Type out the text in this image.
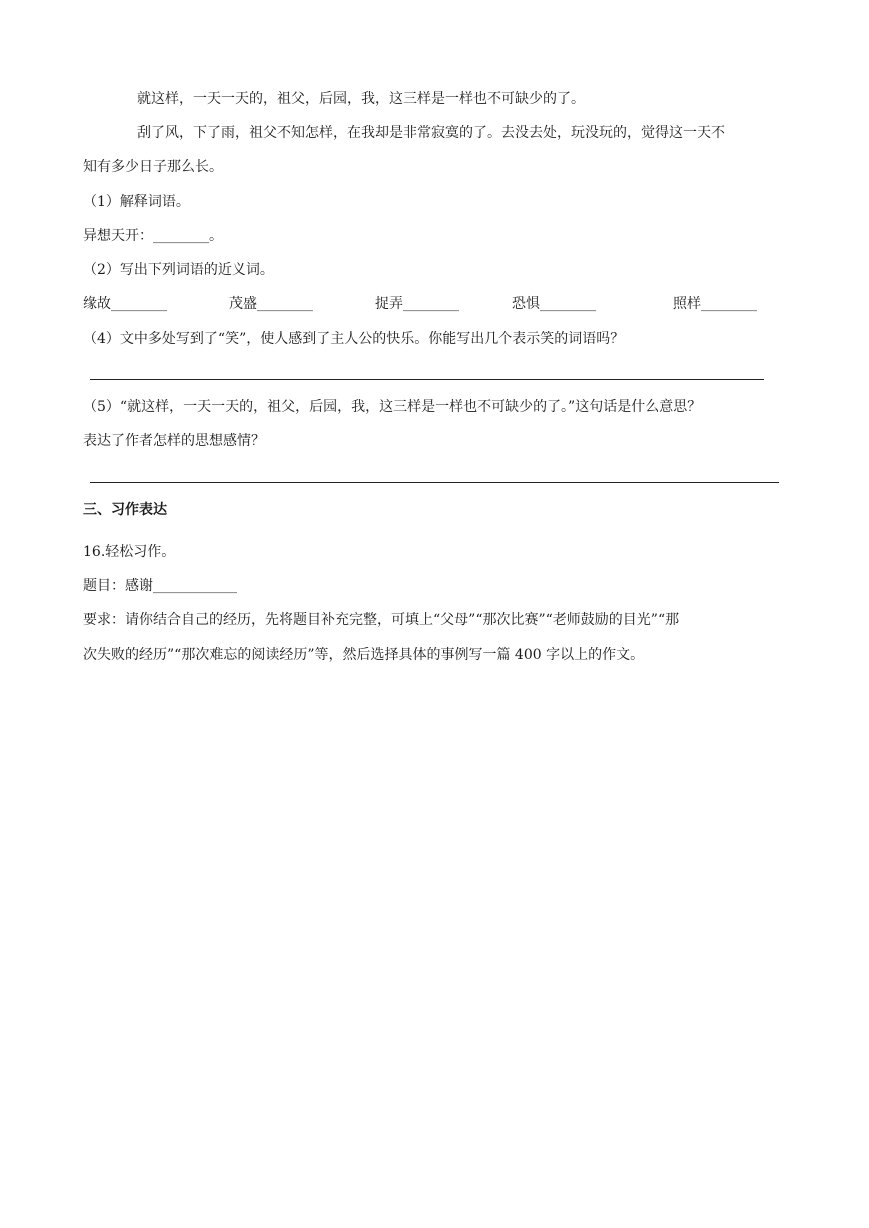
就这样，一天一天的，祖父，后园，我，这三样是一样也不可缺少的了。
刮了风，下了雨，祖父不知怎样，在我却是非常寂寞的了。去没去处，玩没玩的，觉得这一天不
知有多少日子那么长。
（1）解释词语。
异想天开：________。
（2）写出下列词语的近义词。
缘故________	茂盛________	捉弄________	恐惧________	照样________
（4）文中多处写到了“笑”，使人感到了主人公的快乐。你能写出几个表示笑的词语吗？
（5）“就这样，一天一天的，祖父，后园，我，这三样是一样也不可缺少的了。”这句话是什么意思？
表达了作者怎样的思想感情？
三、习作表达
16.轻松习作。
题目：感谢____________
要求：请你结合自己的经历，先将题目补充完整，可填上“父母”“那次比赛”“老师鼓励的目光”“那
次失败的经历”“那次难忘的阅读经历”等，然后选择具体的事例写一篇 400 字以上的作文。
